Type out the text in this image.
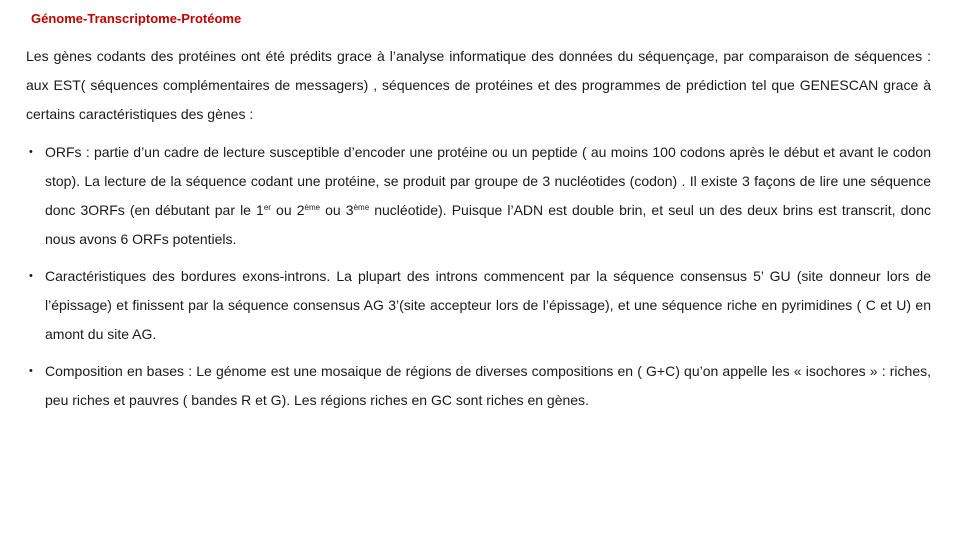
Génome-Transcriptome-Protéome

Les gènes codants des protéines ont été prédits grace à l’analyse informatique des données du séquençage, par comparaison de séquences : aux EST( séquences complémentaires de messagers) , séquences de protéines et des programmes de prédiction tel que GENESCAN grace à certains caractéristiques des gènes :

• ORFs : partie d’un cadre de lecture susceptible d’encoder une protéine ou un peptide ( au moins 100 codons après le début et avant le codon stop). La lecture de la séquence codant une protéine, se produit par groupe de 3 nucléotides (codon) . Il existe 3 façons de lire une séquence donc 3ORFs (en débutant par le 1er ou 2ème ou 3ème nucléotide). Puisque l’ADN est double brin, et seul un des deux brins est transcrit, donc nous avons 6 ORFs potentiels.
• Caractéristiques des bordures exons-introns. La plupart des introns commencent par la séquence consensus 5’ GU (site donneur lors de l’épissage) et finissent par la séquence consensus AG 3’(site accepteur lors de l’épissage), et une séquence riche en pyrimidines ( C et U) en amont du site AG.
• Composition en bases : Le génome est une mosaique de régions de diverses compositions en ( G+C) qu’on appelle les « isochores » : riches, peu riches et pauvres ( bandes R et G). Les régions riches en GC sont riches en gènes.
